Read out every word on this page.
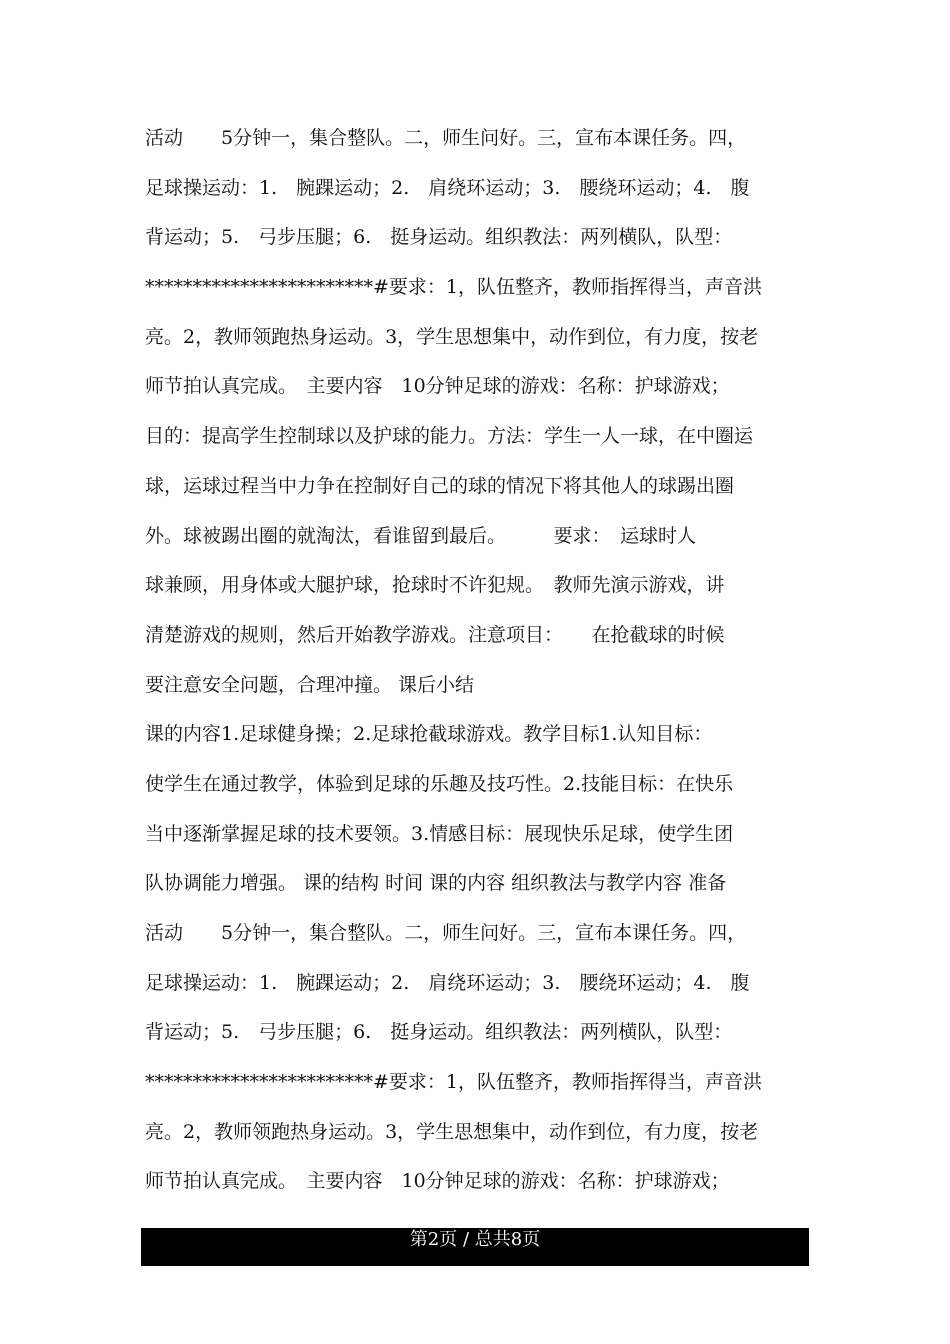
活动　　5分钟一，集合整队。二，师生问好。三，宣布本课任务。四，
足球操运动：1.　腕踝运动；2.　肩绕环运动；3.　腰绕环运动；4.　腹
背运动；5.　弓步压腿；6.　挺身运动。组织教法：两列横队，队型：
************************#要求：1，队伍整齐，教师指挥得当，声音洪
亮。2，教师领跑热身运动。3，学生思想集中，动作到位，有力度，按老
师节拍认真完成。　主要内容　10分钟足球的游戏：名称：护球游戏；
目的：提高学生控制球以及护球的能力。方法：学生一人一球，在中圈运
球，运球过程当中力争在控制好自己的球的情况下将其他人的球踢出圈
外。球被踢出圈的就淘汰，看谁留到最后。　　　要求：　运球时人
球兼顾，用身体或大腿护球，抢球时不许犯规。　教师先演示游戏，讲
清楚游戏的规则，然后开始教学游戏。注意项目：　　在抢截球的时候
要注意安全问题，合理冲撞。 课后小结
课的内容1.足球健身操；2.足球抢截球游戏。教学目标1.认知目标：
使学生在通过教学，体验到足球的乐趣及技巧性。2.技能目标：在快乐
当中逐渐掌握足球的技术要领。3.情感目标：展现快乐足球，使学生团
队协调能力增强。 课的结构 时间 课的内容 组织教法与教学内容 准备
活动　　5分钟一，集合整队。二，师生问好。三，宣布本课任务。四，
足球操运动：1.　腕踝运动；2.　肩绕环运动；3.　腰绕环运动；4.　腹
背运动；5.　弓步压腿；6.　挺身运动。组织教法：两列横队，队型：
************************#要求：1，队伍整齐，教师指挥得当，声音洪
亮。2，教师领跑热身运动。3，学生思想集中，动作到位，有力度，按老
师节拍认真完成。　主要内容　10分钟足球的游戏：名称：护球游戏；
第2页 / 总共8页
